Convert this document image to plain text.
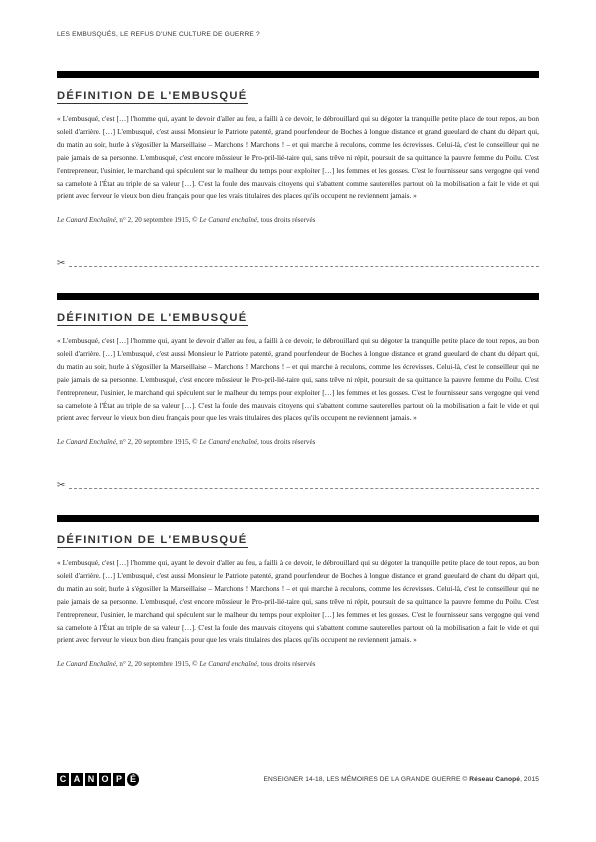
LES EMBUSQUÉS, LE REFUS D'UNE CULTURE DE GUERRE ?
DÉFINITION DE L'EMBUSQUÉ

« L'embusqué, c'est […] l'homme qui, ayant le devoir d'aller au feu, a failli à ce devoir, le débrouillard qui su dégoter la tranquille petite place de tout repos, au bon soleil d'arrière. […] L'embusqué, c'est aussi Monsieur le Patriote patenté, grand pourfendeur de Boches à longue distance et grand gueulard de chant du départ qui, du matin au soir, hurle à s'égosiller la Marseillaise – Marchons ! Marchons ! – et qui marche à reculons, comme les écrevisses. Celui-là, c'est le conseilleur qui ne paie jamais de sa personne. L'embusqué, c'est encore môssieur le Pro-pril-lié-taire qui, sans trêve ni répit, poursuit de sa quittance la pauvre femme du Poilu. C'est l'entrepreneur, l'usinier, le marchand qui spéculent sur le malheur du temps pour exploiter […] les femmes et les gosses. C'est le fournisseur sans vergogne qui vend sa camelote à l'État au triple de sa valeur […]. C'est la foule des mauvais citoyens qui s'abattent comme sauterelles partout où la mobilisation a fait le vide et qui prient avec ferveur le vieux bon dieu français pour que les vrais titulaires des places qu'ils occupent ne reviennent jamais. »

Le Canard Enchaîné, n° 2, 20 septembre 1915, © Le Canard enchaîné, tous droits réservés
✂
DÉFINITION DE L'EMBUSQUÉ

« L'embusqué, c'est […] l'homme qui, ayant le devoir d'aller au feu, a failli à ce devoir, le débrouillard qui su dégoter la tranquille petite place de tout repos, au bon soleil d'arrière. […] L'embusqué, c'est aussi Monsieur le Patriote patenté, grand pourfendeur de Boches à longue distance et grand gueulard de chant du départ qui, du matin au soir, hurle à s'égosiller la Marseillaise – Marchons ! Marchons ! – et qui marche à reculons, comme les écrevisses. Celui-là, c'est le conseilleur qui ne paie jamais de sa personne. L'embusqué, c'est encore môssieur le Pro-pril-lié-taire qui, sans trêve ni répit, poursuit de sa quittance la pauvre femme du Poilu. C'est l'entrepreneur, l'usinier, le marchand qui spéculent sur le malheur du temps pour exploiter […] les femmes et les gosses. C'est le fournisseur sans vergogne qui vend sa camelote à l'État au triple de sa valeur […]. C'est la foule des mauvais citoyens qui s'abattent comme sauterelles partout où la mobilisation a fait le vide et qui prient avec ferveur le vieux bon dieu français pour que les vrais titulaires des places qu'ils occupent ne reviennent jamais. »

Le Canard Enchaîné, n° 2, 20 septembre 1915, © Le Canard enchaîné, tous droits réservés
✂
DÉFINITION DE L'EMBUSQUÉ

« L'embusqué, c'est […] l'homme qui, ayant le devoir d'aller au feu, a failli à ce devoir, le débrouillard qui su dégoter la tranquille petite place de tout repos, au bon soleil d'arrière. […] L'embusqué, c'est aussi Monsieur le Patriote patenté, grand pourfendeur de Boches à longue distance et grand gueulard de chant du départ qui, du matin au soir, hurle à s'égosiller la Marseillaise – Marchons ! Marchons ! – et qui marche à reculons, comme les écrevisses. Celui-là, c'est le conseilleur qui ne paie jamais de sa personne. L'embusqué, c'est encore môssieur le Pro-pril-lié-taire qui, sans trêve ni répit, poursuit de sa quittance la pauvre femme du Poilu. C'est l'entrepreneur, l'usinier, le marchand qui spéculent sur le malheur du temps pour exploiter […] les femmes et les gosses. C'est le fournisseur sans vergogne qui vend sa camelote à l'État au triple de sa valeur […]. C'est la foule des mauvais citoyens qui s'abattent comme sauterelles partout où la mobilisation a fait le vide et qui prient avec ferveur le vieux bon dieu français pour que les vrais titulaires des places qu'ils occupent ne reviennent jamais. »

Le Canard Enchaîné, n° 2, 20 septembre 1915, © Le Canard enchaîné, tous droits réservés
C A N O P É	ENSEIGNER 14-18, LES MÉMOIRES DE LA GRANDE GUERRE © Réseau Canopé, 2015
